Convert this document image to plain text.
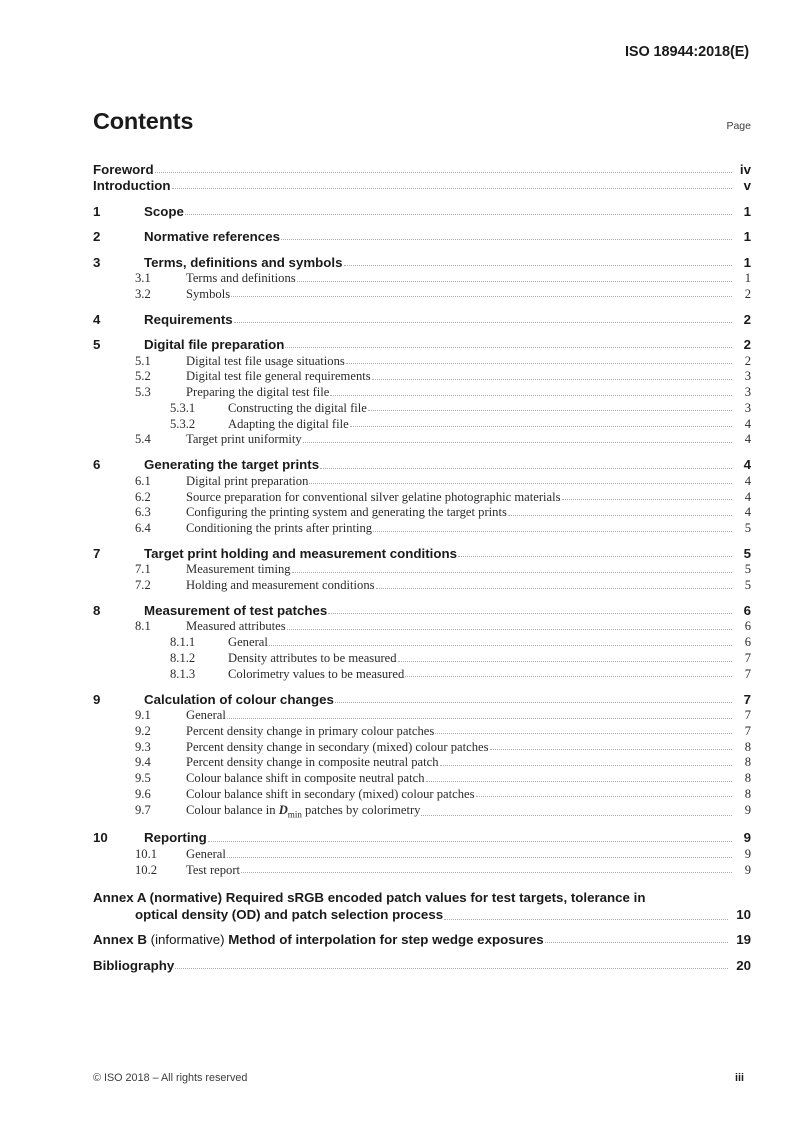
ISO 18944:2018(E)
Contents	Page
Foreword	iv
Introduction	v
1	Scope	1
2	Normative references	1
3	Terms, definitions and symbols	1
3.1	Terms and definitions	1
3.2	Symbols	2
4	Requirements	2
5	Digital file preparation	2
5.1	Digital test file usage situations	2
5.2	Digital test file general requirements	3
5.3	Preparing the digital test file	3
5.3.1	Constructing the digital file	3
5.3.2	Adapting the digital file	4
5.4	Target print uniformity	4
6	Generating the target prints	4
6.1	Digital print preparation	4
6.2	Source preparation for conventional silver gelatine photographic materials	4
6.3	Configuring the printing system and generating the target prints	4
6.4	Conditioning the prints after printing	5
7	Target print holding and measurement conditions	5
7.1	Measurement timing	5
7.2	Holding and measurement conditions	5
8	Measurement of test patches	6
8.1	Measured attributes	6
8.1.1	General	6
8.1.2	Density attributes to be measured	7
8.1.3	Colorimetry values to be measured	7
9	Calculation of colour changes	7
9.1	General	7
9.2	Percent density change in primary colour patches	7
9.3	Percent density change in secondary (mixed) colour patches	8
9.4	Percent density change in composite neutral patch	8
9.5	Colour balance shift in composite neutral patch	8
9.6	Colour balance shift in secondary (mixed) colour patches	8
9.7	Colour balance in $D_{min}$ patches by colorimetry	9
10	Reporting	9
10.1	General	9
10.2	Test report	9
Annex A (normative) Required sRGB encoded patch values for test targets, tolerance in
optical density (OD) and patch selection process	10
Annex B (informative) Method of interpolation for step wedge exposures	19
Bibliography	20
© ISO 2018 – All rights reserved	iii
